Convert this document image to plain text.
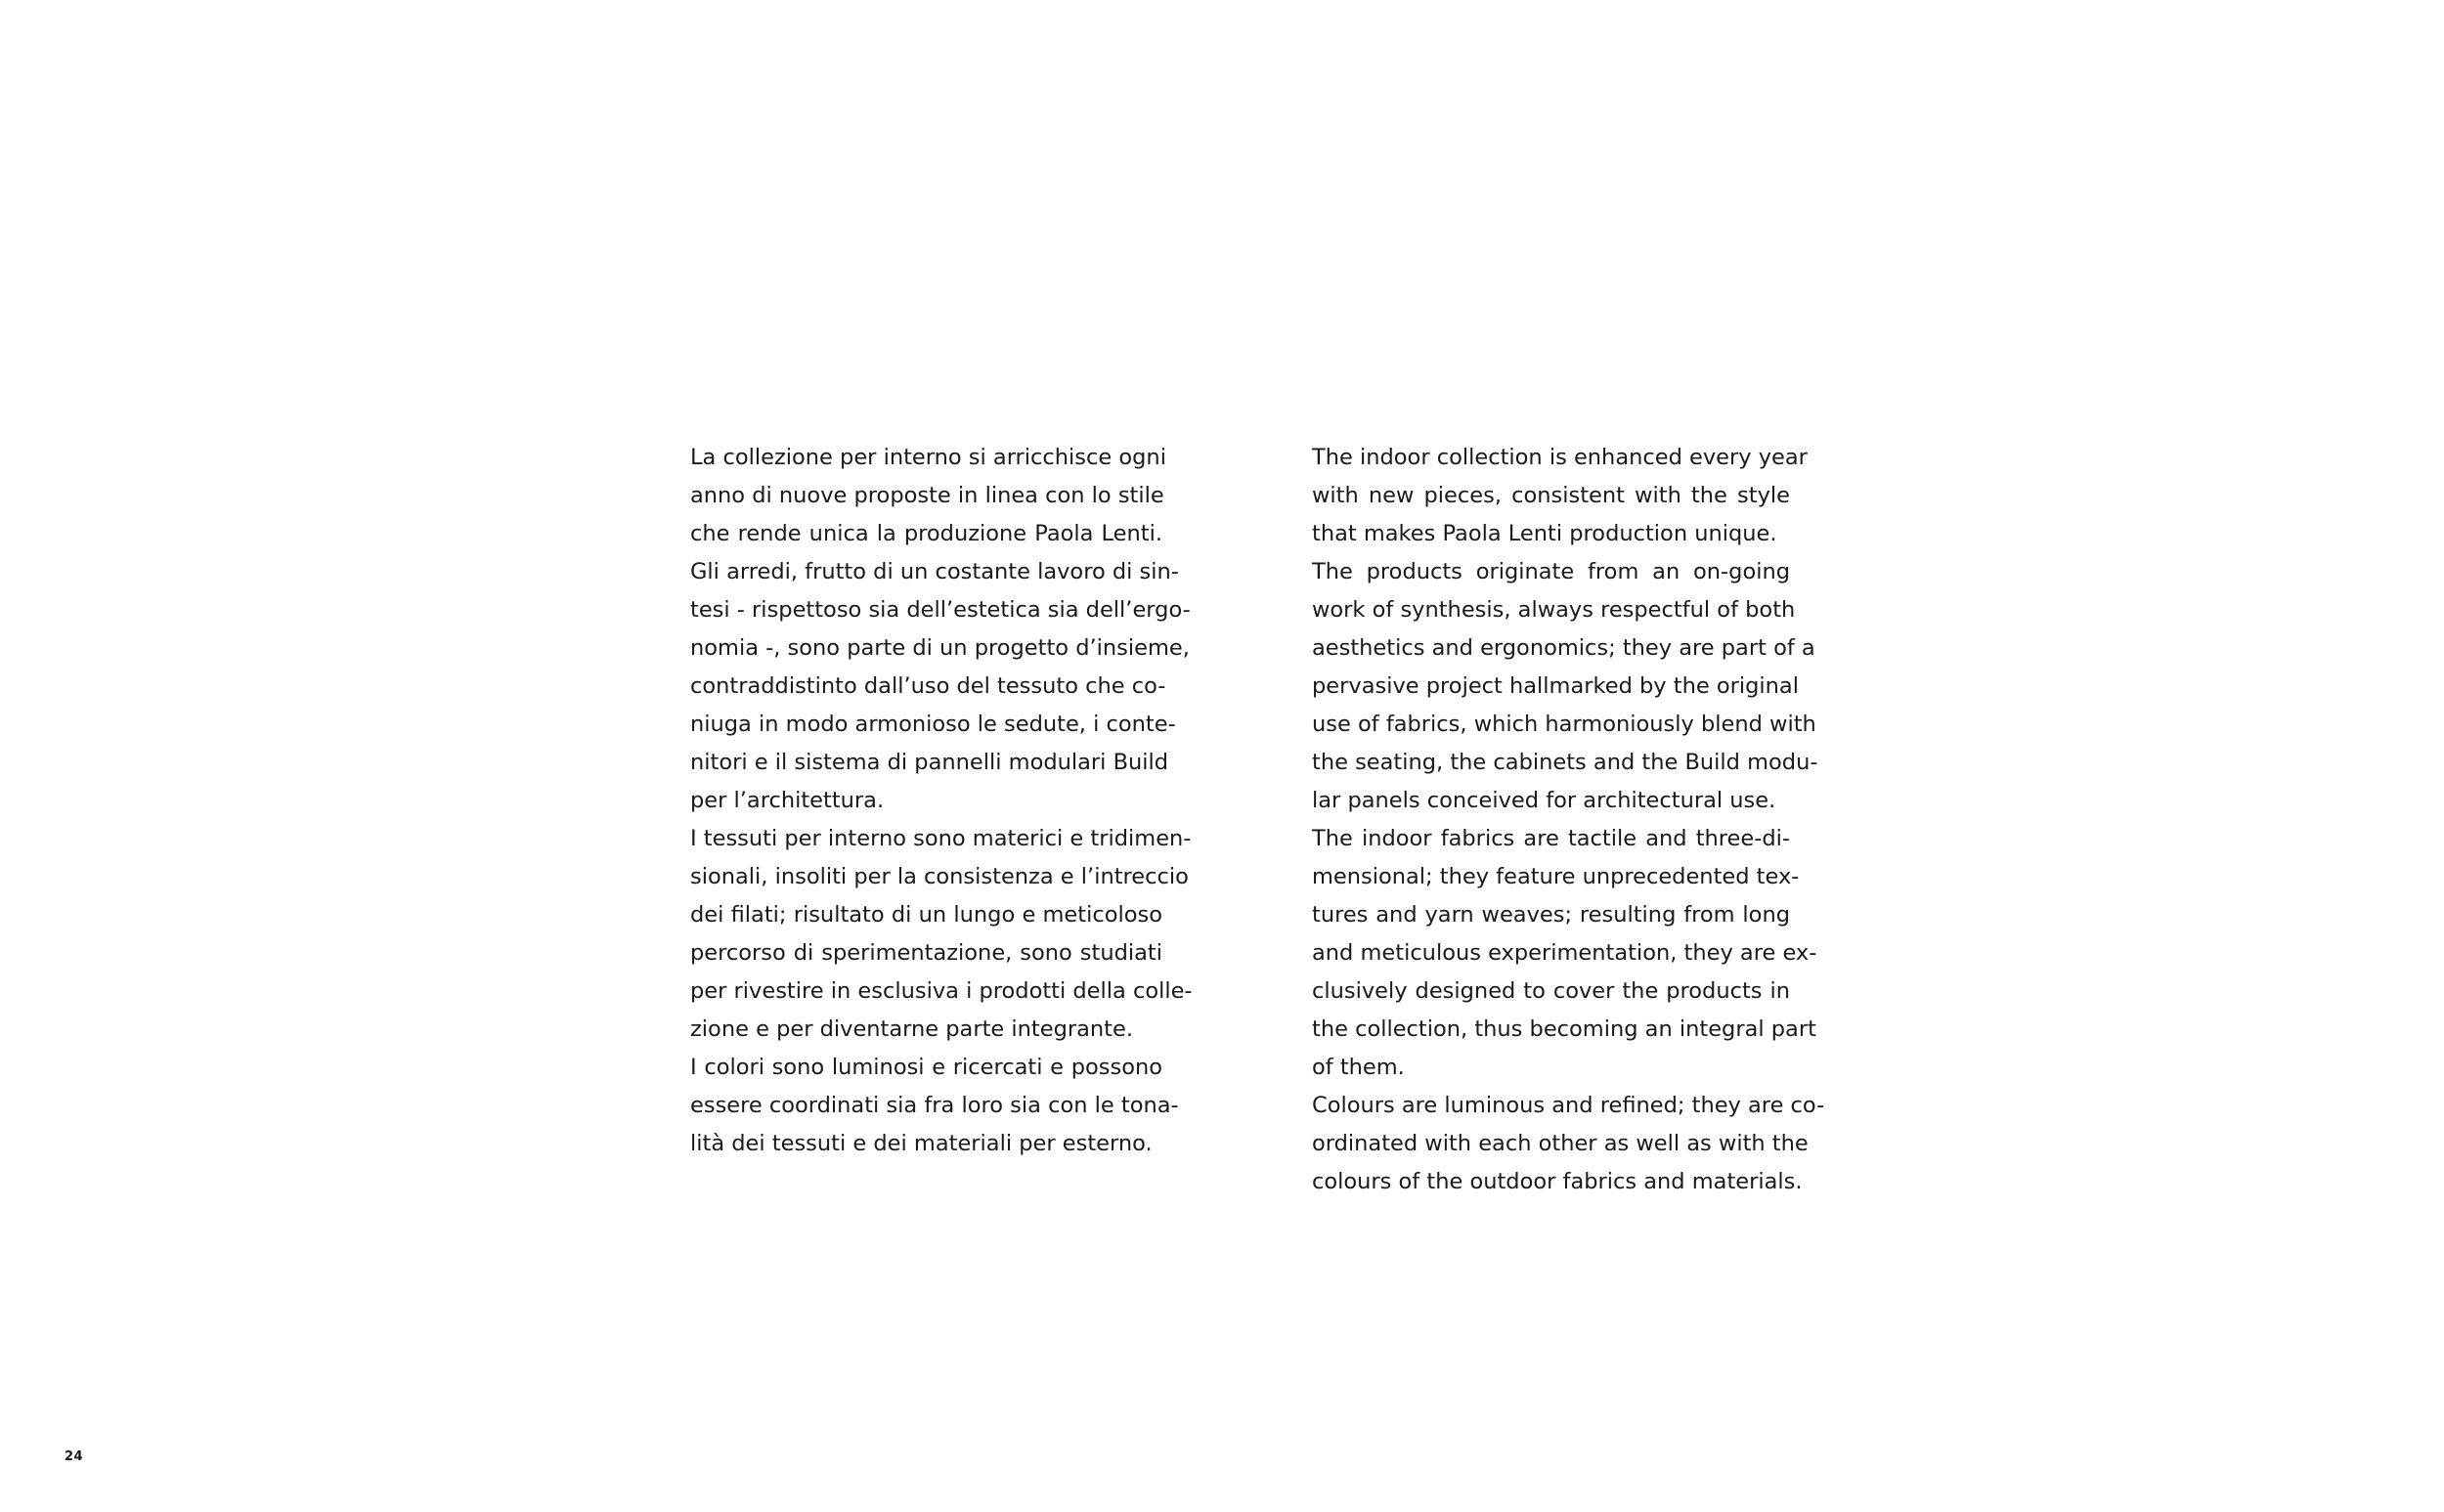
La collezione per interno si arricchisce ogni
anno di nuove proposte in linea con lo stile
che rende unica la produzione Paola Lenti.
Gli arredi, frutto di un costante lavoro di sin-
tesi - rispettoso sia dell’estetica sia dell’ergo-
nomia -, sono parte di un progetto d’insieme,
contraddistinto dall’uso del tessuto che co-
niuga in modo armonioso le sedute, i conte-
nitori e il sistema di pannelli modulari Build
per l’architettura.
I tessuti per interno sono materici e tridimen-
sionali, insoliti per la consistenza e l’intreccio
dei filati; risultato di un lungo e meticoloso
percorso di sperimentazione, sono studiati
per rivestire in esclusiva i prodotti della colle-
zione e per diventarne parte integrante.
I colori sono luminosi e ricercati e possono
essere coordinati sia fra loro sia con le tona-
lità dei tessuti e dei materiali per esterno.
The indoor collection is enhanced every year
with new pieces, consistent with the style
that makes Paola Lenti production unique.
The products originate from an on-going
work of synthesis, always respectful of both
aesthetics and ergonomics; they are part of a
pervasive project hallmarked by the original
use of fabrics, which harmoniously blend with
the seating, the cabinets and the Build modu-
lar panels conceived for architectural use.
The indoor fabrics are tactile and three-di-
mensional; they feature unprecedented tex-
tures and yarn weaves; resulting from long
and meticulous experimentation, they are ex-
clusively designed to cover the products in
the collection, thus becoming an integral part
of them.
Colours are luminous and refined; they are co-
ordinated with each other as well as with the
colours of the outdoor fabrics and materials.
24
